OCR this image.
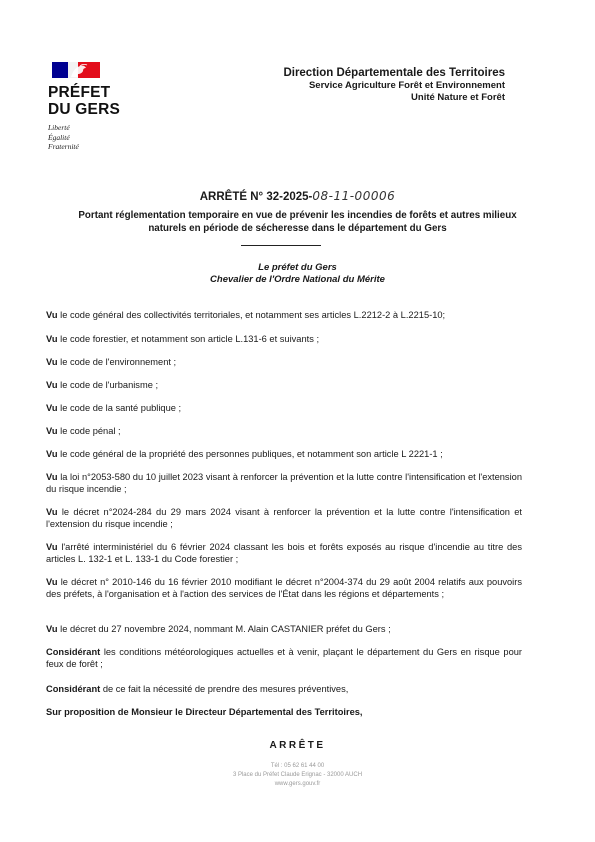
PRÉFET
DU GERS
Liberté
Égalité
Fraternité
Direction Départementale des Territoires
Service Agriculture Forêt et Environnement
Unité Nature et Forêt
ARRÊTÉ N° 32-2025-08-11-00006
Portant réglementation temporaire en vue de prévenir les incendies de forêts et autres milieux naturels en période de sécheresse dans le département du Gers
Le préfet du Gers
Chevalier de l'Ordre National du Mérite
Vu le code général des collectivités territoriales, et notamment ses articles L.2212-2 à L.2215-10;
Vu le code forestier, et notamment son article L.131-6 et suivants ;
Vu le code de l'environnement ;
Vu le code de l'urbanisme ;
Vu le code de la santé publique ;
Vu le code pénal ;
Vu le code général de la propriété des personnes publiques, et notamment son article L 2221-1 ;
Vu la loi n°2053-580 du 10 juillet 2023 visant à renforcer la prévention et la lutte contre l'intensification et l'extension du risque incendie ;
Vu le décret n°2024-284 du 29 mars 2024 visant à renforcer la prévention et la lutte contre l'intensification et l'extension du risque incendie ;
Vu l'arrêté interministériel du 6 février 2024 classant les bois et forêts exposés au risque d'incendie au titre des articles L. 132-1 et L. 133-1 du Code forestier ;
Vu le décret n° 2010-146 du 16 février 2010 modifiant le décret n°2004-374 du 29 août 2004 relatifs aux pouvoirs des préfets, à l'organisation et à l'action des services de l'État dans les régions et départements ;
Vu le décret du 27 novembre 2024, nommant M. Alain CASTANIER préfet du Gers ;
Considérant les conditions météorologiques actuelles et à venir, plaçant le département du Gers en risque pour feux de forêt ;
Considérant de ce fait la nécessité de prendre des mesures préventives,
Sur proposition de Monsieur le Directeur Départemental des Territoires,
ARRÊTE
Tél : 05 62 61 44 00
3 Place du Préfet Claude Erignac - 32000 AUCH
www.gers.gouv.fr
